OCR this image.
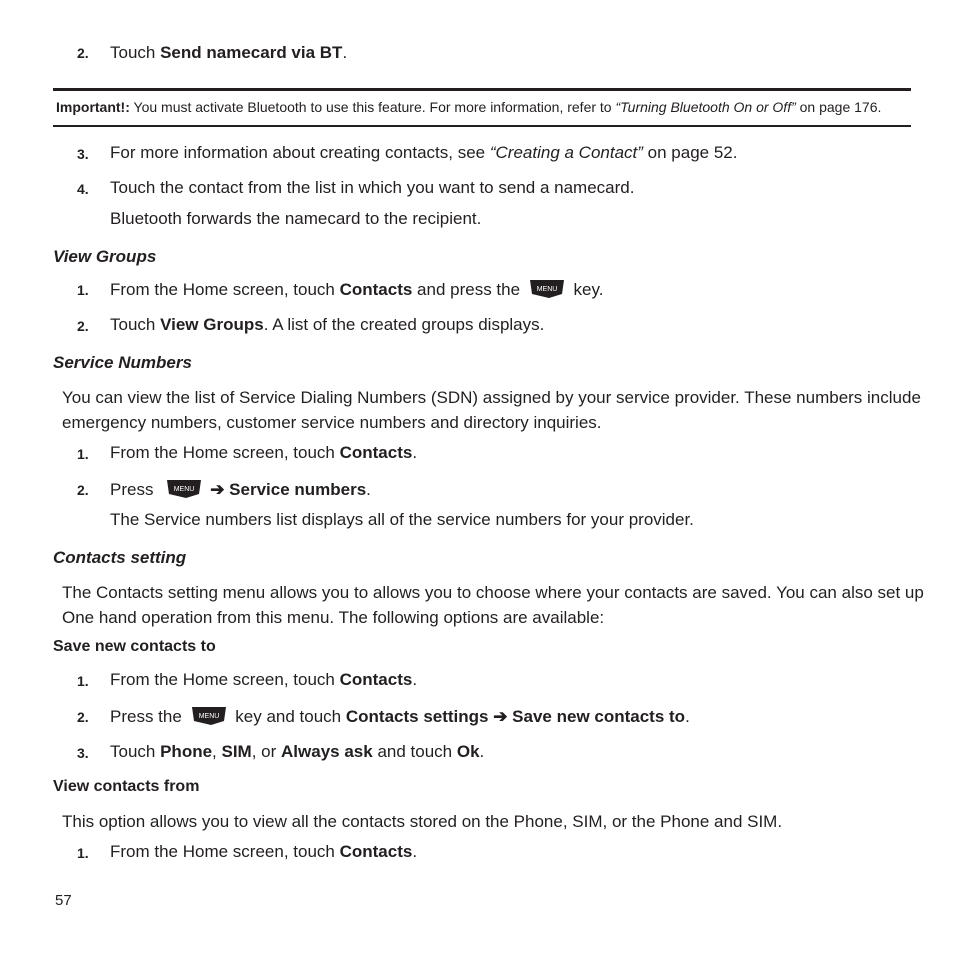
2. Touch Send namecard via BT.
Important!: You must activate Bluetooth to use this feature. For more information, refer to “Turning Bluetooth On or Off” on page 176.
3. For more information about creating contacts, see “Creating a Contact” on page 52.
4. Touch the contact from the list in which you want to send a namecard.
Bluetooth forwards the namecard to the recipient.
View Groups
1. From the Home screen, touch Contacts and press the MENU key.
2. Touch View Groups. A list of the created groups displays.
Service Numbers
You can view the list of Service Dialing Numbers (SDN) assigned by your service provider. These numbers include
emergency numbers, customer service numbers and directory inquiries.
1. From the Home screen, touch Contacts.
2. Press MENU ➔ Service numbers.
The Service numbers list displays all of the service numbers for your provider.
Contacts setting
The Contacts setting menu allows you to allows you to choose where your contacts are saved. You can also set up
One hand operation from this menu. The following options are available:
Save new contacts to
1. From the Home screen, touch Contacts.
2. Press the MENU key and touch Contacts settings ➔ Save new contacts to.
3. Touch Phone, SIM, or Always ask and touch Ok.
View contacts from
This option allows you to view all the contacts stored on the Phone, SIM, or the Phone and SIM.
1. From the Home screen, touch Contacts.
57
